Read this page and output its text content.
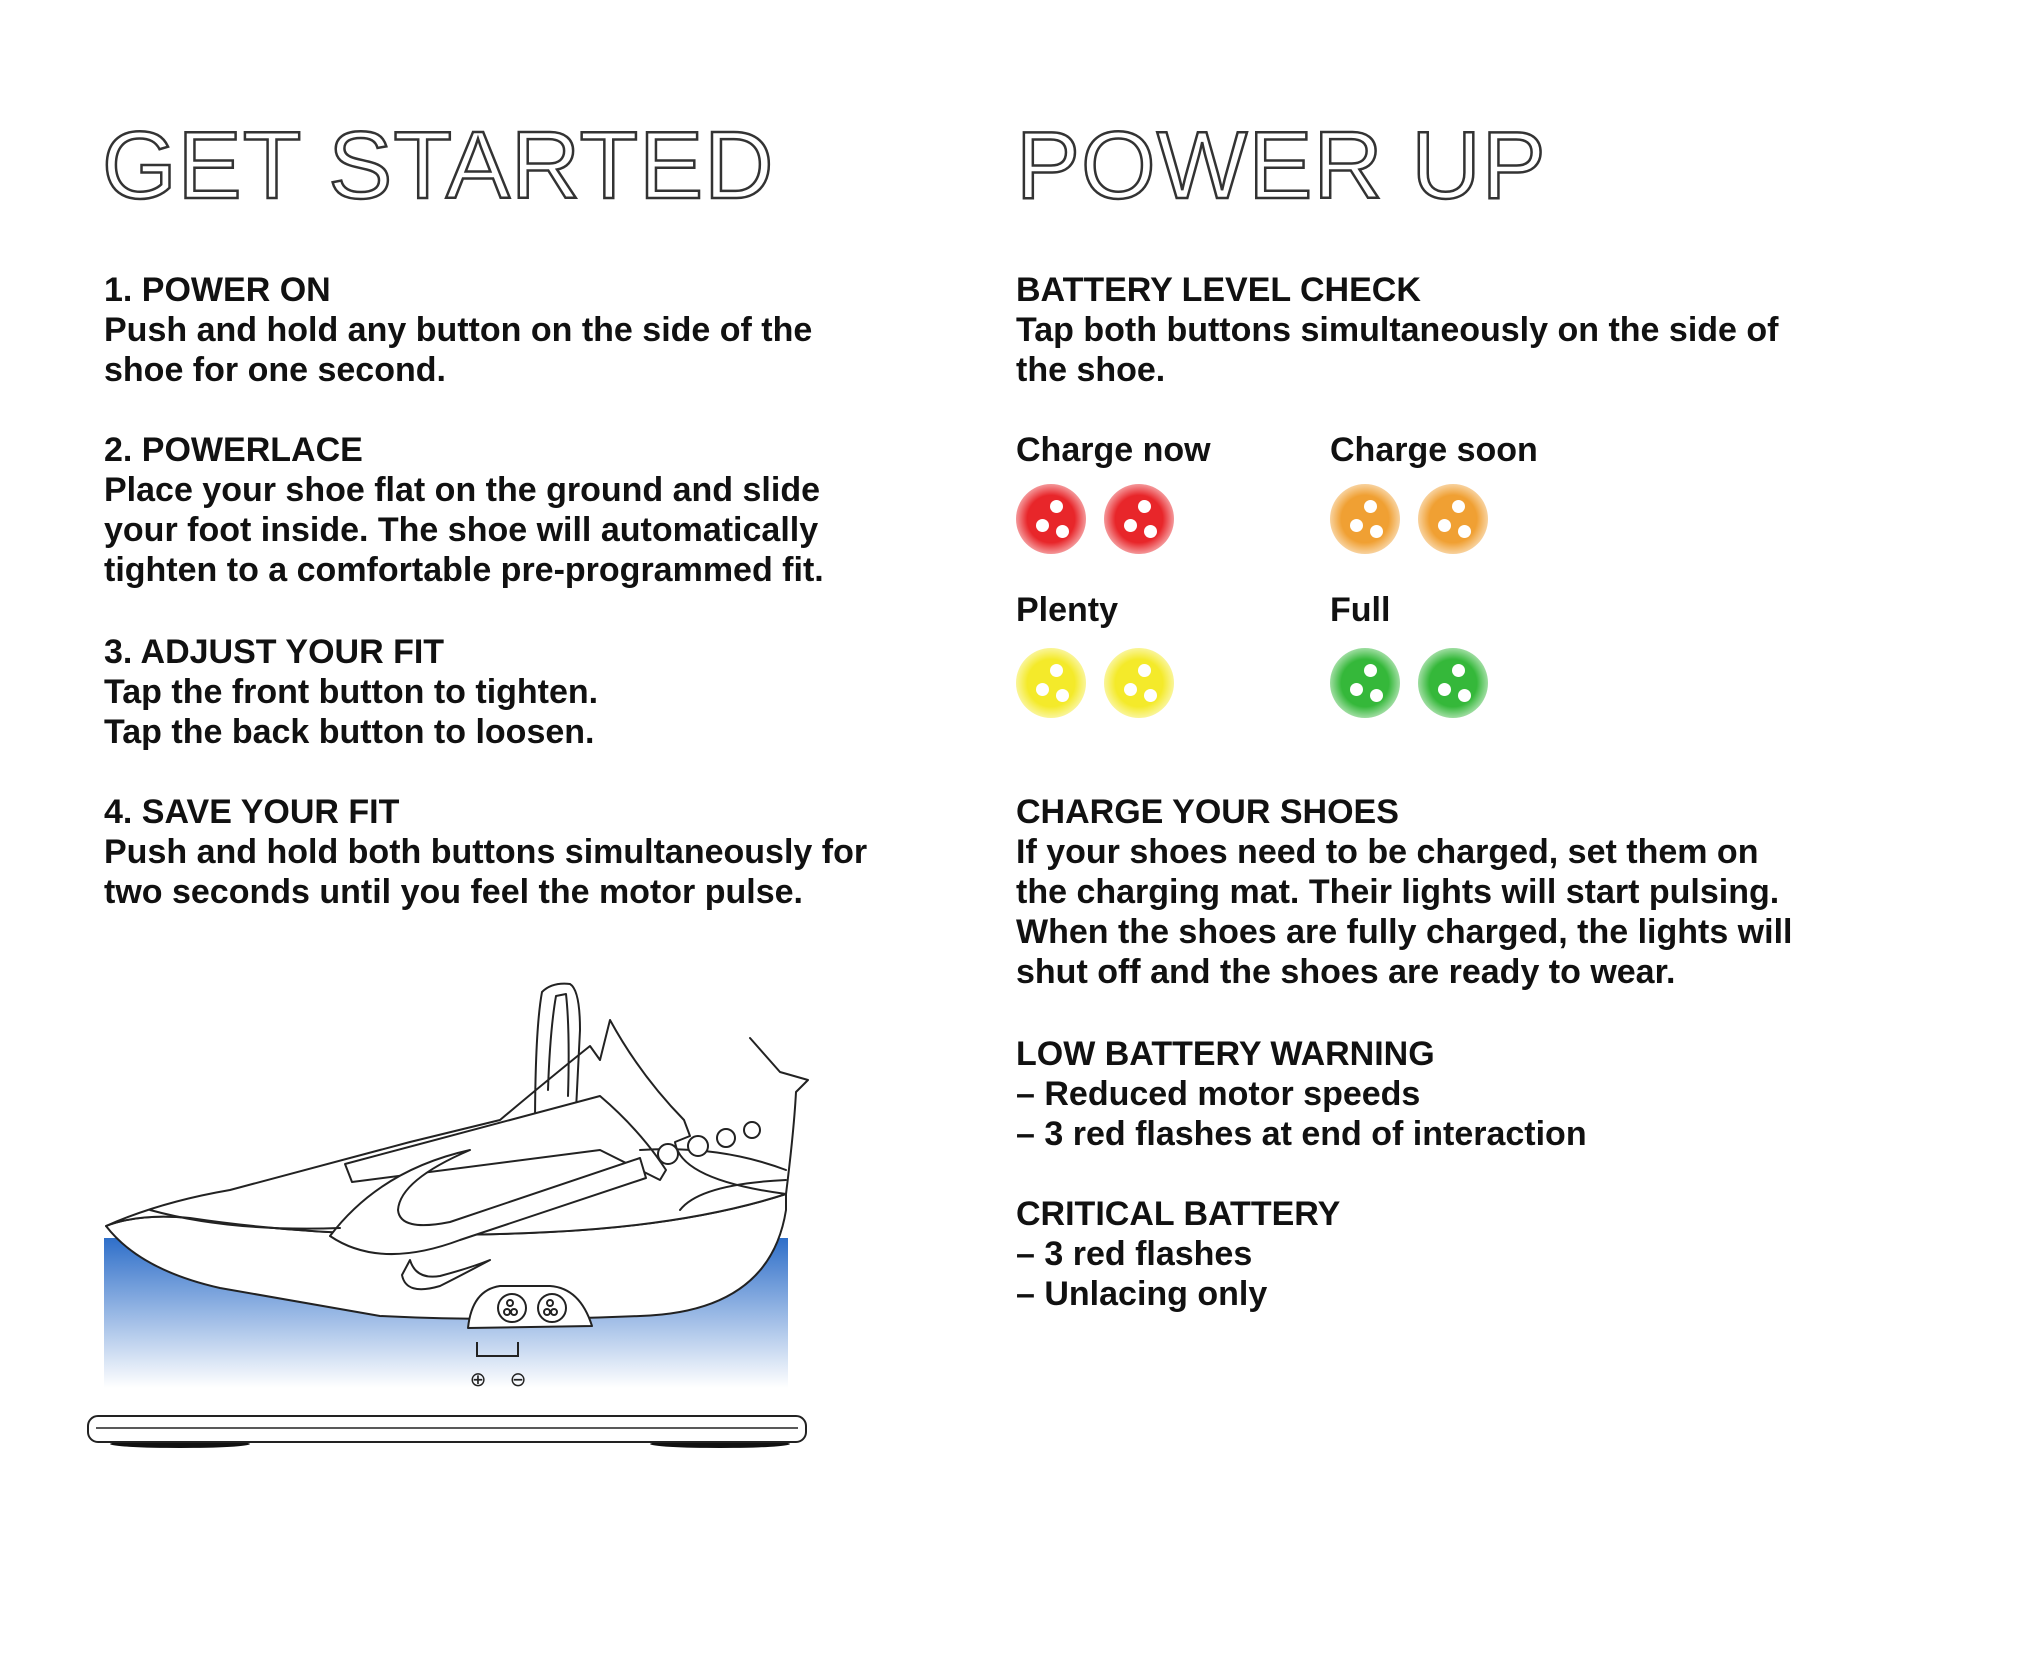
GET STARTED

1. POWER ON

Push and hold any button on the side of the

shoe for one second.

2. POWERLACE

Place your shoe flat on the ground and slide

your foot inside. The shoe will automatically

tighten to a comfortable pre-programmed fit.

3. ADJUST YOUR FIT

Tap the front button to tighten.

Tap the back button to loosen.

4. SAVE YOUR FIT

Push and hold both buttons simultaneously for

two seconds until you feel the motor pulse.

⊕ ⊖
POWER UP

BATTERY LEVEL CHECK

Tap both buttons simultaneously on the side of

the shoe.

Charge now	Charge soon
Plenty	Full

CHARGE YOUR SHOES

If your shoes need to be charged, set them on

the charging mat. Their lights will start pulsing.

When the shoes are fully charged, the lights will

shut off and the shoes are ready to wear.

LOW BATTERY WARNING

– Reduced motor speeds

– 3 red flashes at end of interaction

CRITICAL BATTERY

– 3 red flashes

– Unlacing only
